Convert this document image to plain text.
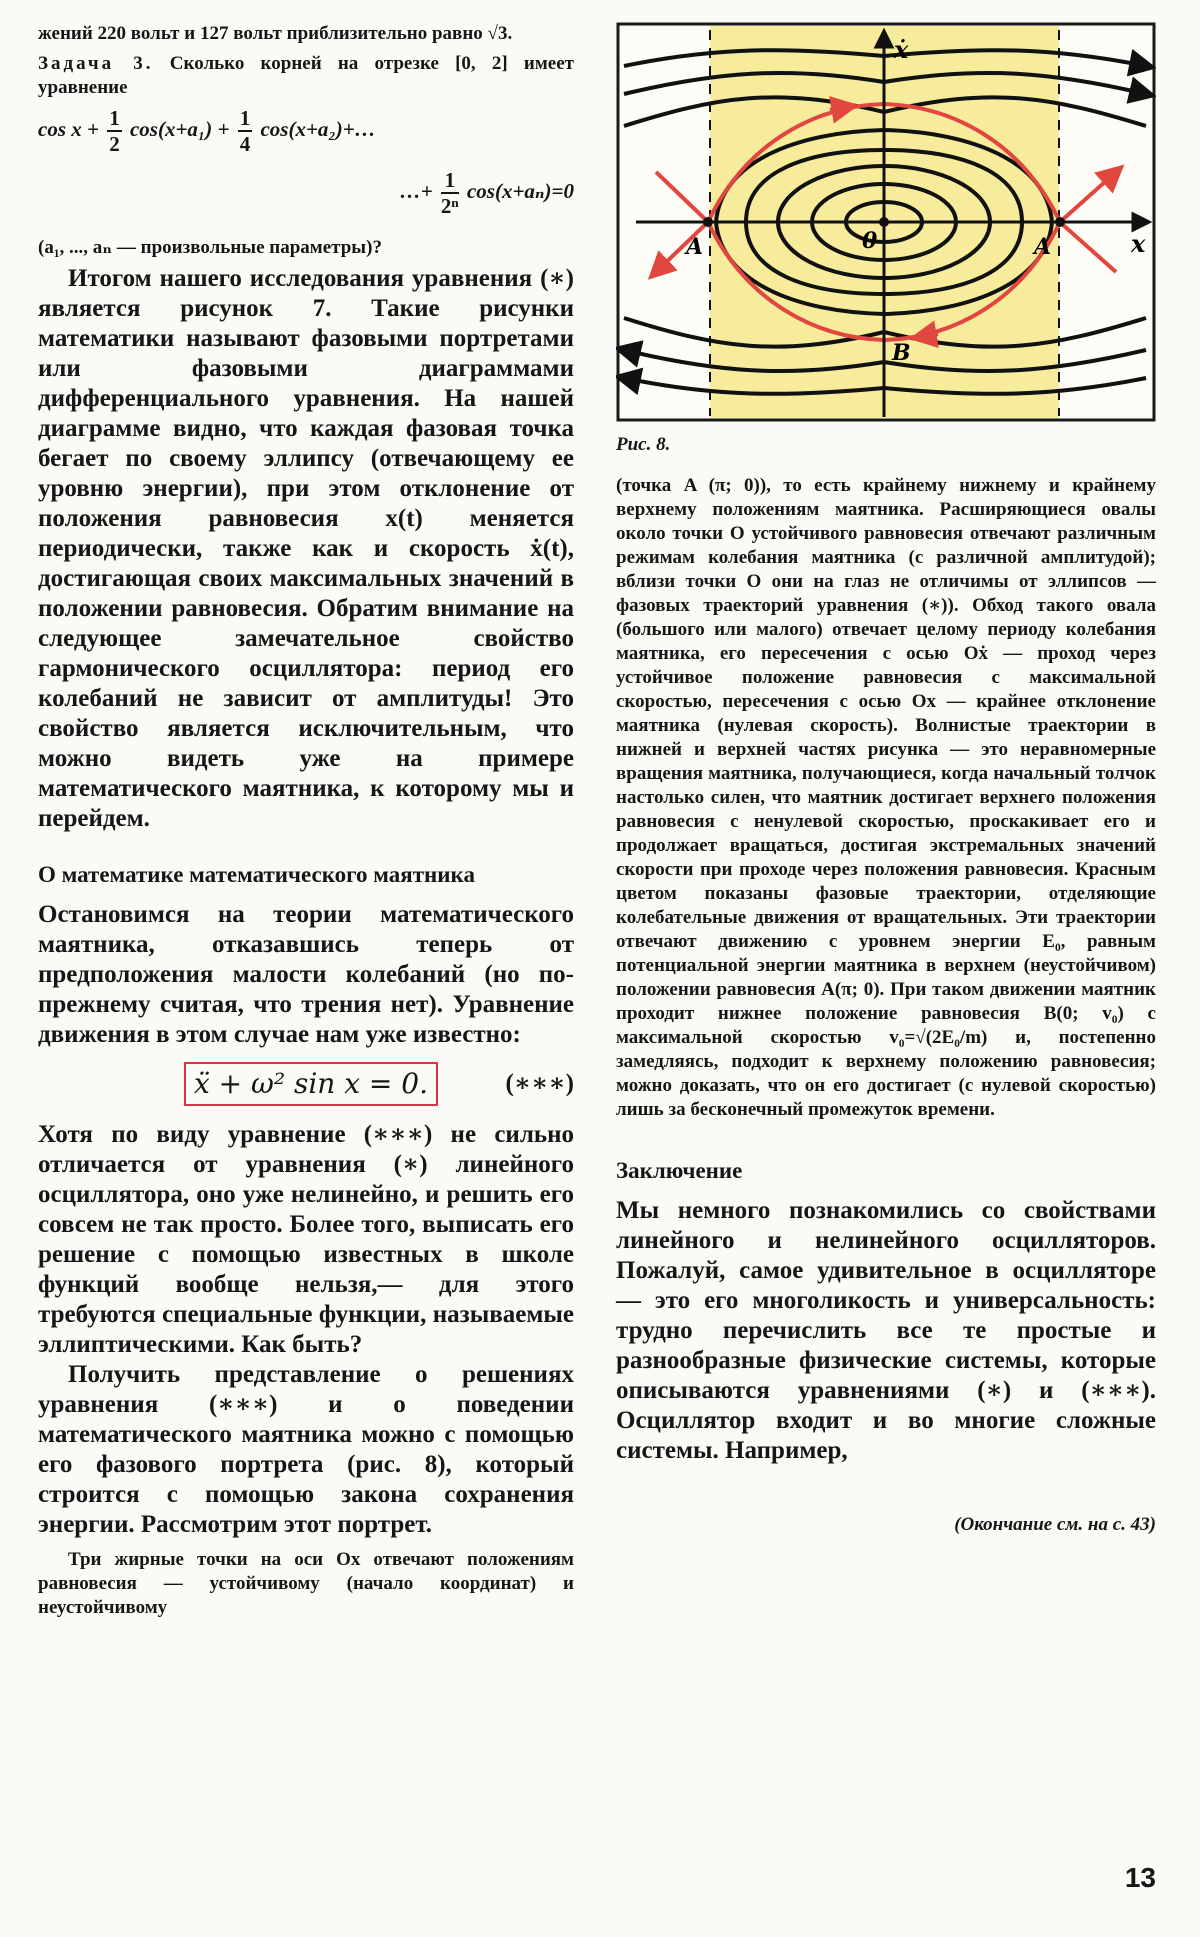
жений 220 вольт и 127 вольт приблизительно равно √3.

Задача 3. Сколько корней на отрезке [0, 2] имеет уравнение

$\cos x + \frac{1}{2} \cos(x+a_1) + \frac{1}{4}$ cos(x+a₂)+…
…+ $\frac{1}{\text{2ⁿ}} \cos(x+a_n)=0$

(a₁, ..., aₙ — произвольные параметры)?

Итогом нашего исследования уравнения (∗) является рисунок 7. Такие рисунки математики называют фазовыми портретами или фазовыми диаграммами дифференциального уравнения. На нашей диаграмме видно, что каждая фазовая точка бегает по своему эллипсу (отвечающему ее уровню энергии), при этом отклонение от положения равновесия x(t) меняется периодически, также как и скорость ẋ(t), достигающая своих максимальных значений в положении равновесия. Обратим внимание на следующее замечательное свойство гармонического осциллятора: период его колебаний не зависит от амплитуды! Это свойство является исключительным, что можно видеть уже на примере математического маятника, к которому мы и перейдем.

О математике математического маятника

Остановимся на теории математического маятника, отказавшись теперь от предположения малости колебаний (но по-прежнему считая, что трения нет). Уравнение движения в этом случае нам уже известно:

ẍ + ω² sin x = 0.	(∗∗∗)

Хотя по виду уравнение (∗∗∗) не сильно отличается от уравнения (∗) линейного осциллятора, оно уже нелинейно, и решить его совсем не так просто. Более того, выписать его решение с помощью известных в школе функций вообще нельзя,— для этого требуются специальные функции, называемые эллиптическими. Как быть?

Получить представление о решениях уравнения (∗∗∗) и о поведении математического маятника можно с помощью его фазового портрета (рис. 8), который строится с помощью закона сохранения энергии. Рассмотрим этот портрет.

Три жирные точки на оси Ox отвечают положениям равновесия — устойчивому (начало координат) и неустойчивому

ẋ
x
0
A	A
B
Рис. 8.

(точка A (π; 0)), то есть крайнему нижнему и крайнему верхнему положениям маятника. Расширяющиеся овалы около точки O устойчивого равновесия отвечают различным режимам колебания маятника (с различной амплитудой); вблизи точки O они на глаз не отличимы от эллипсов — фазовых траекторий уравнения (∗)). Обход такого овала (большого или малого) отвечает целому периоду колебания маятника, его пересечения с осью Oẋ — проход через устойчивое положение равновесия с максимальной скоростью, пересечения с осью Ox — крайнее отклонение маятника (нулевая скорость). Волнистые траектории в нижней и верхней частях рисунка — это неравномерные вращения маятника, получающиеся, когда начальный толчок настолько силен, что маятник достигает верхнего положения равновесия с ненулевой скоростью, проскакивает его и продолжает вращаться, достигая экстремальных значений скорости при проходе через положения равновесия. Красным цветом показаны фазовые траектории, отделяющие колебательные движения от вращательных. Эти траектории отвечают движению с уровнем энергии E₀, равным потенциальной энергии маятника в верхнем (неустойчивом) положении равновесия A(π; 0). При таком движении маятник проходит нижнее положение равновесия B(0; v₀) с максимальной скоростью v₀=√(2E₀/m) и, постепенно замедляясь, подходит к верхнему положению равновесия; можно доказать, что он его достигает (с нулевой скоростью) лишь за бесконечный промежуток времени.

Заключение

Мы немного познакомились со свойствами линейного и нелинейного осцилляторов. Пожалуй, самое удивительное в осцилляторе — это его многоликость и универсальность: трудно перечислить все те простые и разнообразные физические системы, которые описываются уравнениями (∗) и (∗∗∗). Осциллятор входит и во многие сложные системы. Например,

(Окончание см. на с. 43)
13
